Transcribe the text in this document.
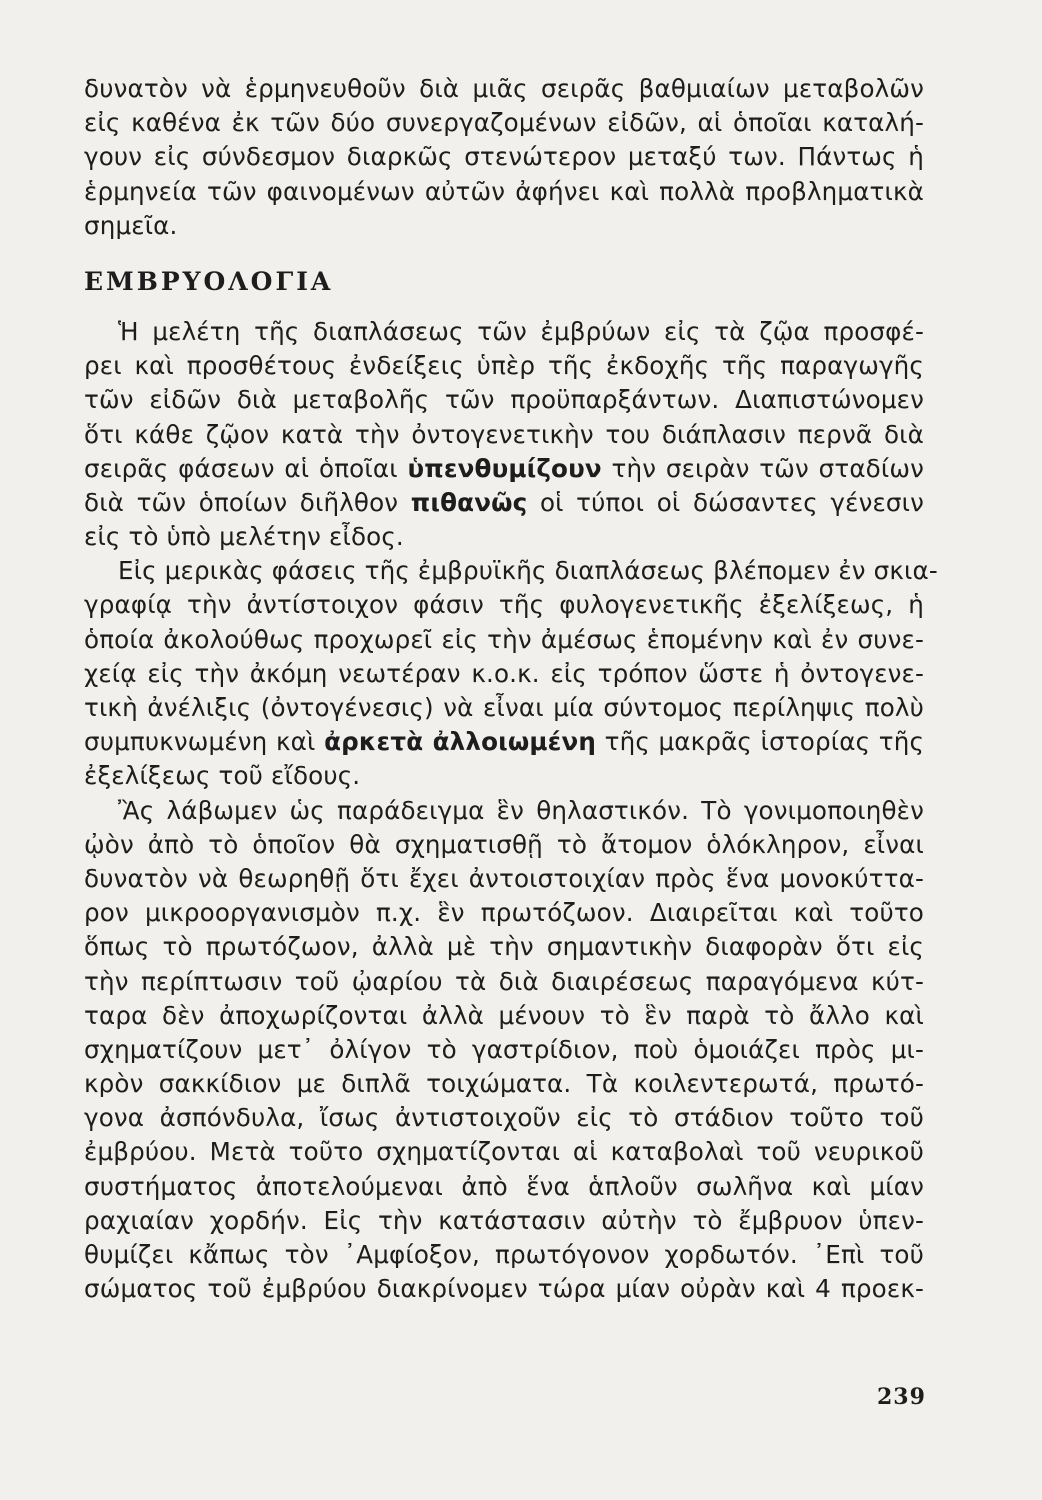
δυνατὸν νὰ ἑρμηνευθοῦν διὰ μιᾶς σειρᾶς βαθμιαίων μεταβολῶν
εἰς καθένα ἐκ τῶν δύο συνεργαζομένων εἰδῶν, αἱ ὁποῖαι καταλή-
γουν εἰς σύνδεσμον διαρκῶς στενώτερον μεταξύ των. Πάντως ἡ
ἑρμηνεία τῶν φαινομένων αὐτῶν ἀφήνει καὶ πολλὰ προβληματικὰ
σημεῖα.
ΕΜΒΡΥΟΛΟΓΙΑ
Ἡ μελέτη τῆς διαπλάσεως τῶν ἐμβρύων εἰς τὰ ζῷα προσφέ-
ρει καὶ προσθέτους ἐνδείξεις ὑπὲρ τῆς ἐκδοχῆς τῆς παραγωγῆς
τῶν εἰδῶν διὰ μεταβολῆς τῶν προϋπαρξάντων. Διαπιστώνομεν
ὅτι κάθε ζῷον κατὰ τὴν ὀντογενετικὴν του διάπλασιν περνᾶ διὰ
σειρᾶς φάσεων αἱ ὁποῖαι ὑπενθυμίζουν τὴν σειρὰν τῶν σταδίων
διὰ τῶν ὁποίων διῆλθον πιθανῶς οἱ τύποι οἱ δώσαντες γένεσιν
εἰς τὸ ὑπὸ μελέτην εἶδος.
Εἰς μερικὰς φάσεις τῆς ἐμβρυϊκῆς διαπλάσεως βλέπομεν ἐν σκια-
γραφίᾳ τὴν ἀντίστοιχον φάσιν τῆς φυλογενετικῆς ἐξελίξεως, ἡ
ὁποία ἀκολούθως προχωρεῖ εἰς τὴν ἀμέσως ἑπομένην καὶ ἐν συνε-
χείᾳ εἰς τὴν ἀκόμη νεωτέραν κ.ο.κ. εἰς τρόπον ὥστε ἡ ὀντογενε-
τικὴ ἀνέλιξις (ὀντογένεσις) νὰ εἶναι μία σύντομος περίληψις πολὺ
συμπυκνωμένη καὶ ἀρκετὰ ἀλλοιωμένη τῆς μακρᾶς ἱστορίας τῆς
ἐξελίξεως τοῦ εἴδους.
Ἂς λάβωμεν ὡς παράδειγμα ἓν θηλαστικόν. Τὸ γονιμοποιηθὲν
ᾠὸν ἀπὸ τὸ ὁποῖον θὰ σχηματισθῇ τὸ ἄτομον ὁλόκληρον, εἶναι
δυνατὸν νὰ θεωρηθῇ ὅτι ἔχει ἀντοιστοιχίαν πρὸς ἕνα μονοκύττα-
ρον μικροοργανισμὸν π.χ. ἓν πρωτόζωον. Διαιρεῖται καὶ τοῦτο
ὅπως τὸ πρωτόζωον, ἀλλὰ μὲ τὴν σημαντικὴν διαφορὰν ὅτι εἰς
τὴν περίπτωσιν τοῦ ᾠαρίου τὰ διὰ διαιρέσεως παραγόμενα κύτ-
ταρα δὲν ἀποχωρίζονται ἀλλὰ μένουν τὸ ἓν παρὰ τὸ ἄλλο καὶ
σχηματίζουν μετ᾽ ὀλίγον τὸ γαστρίδιον, ποὺ ὁμοιάζει πρὸς μι-
κρὸν σακκίδιον με διπλᾶ τοιχώματα. Τὰ κοιλεντερωτά, πρωτό-
γονα ἀσπόνδυλα, ἴσως ἀντιστοιχοῦν εἰς τὸ στάδιον τοῦτο τοῦ
ἐμβρύου. Μετὰ τοῦτο σχηματίζονται αἱ καταβολαὶ τοῦ νευρικοῦ
συστήματος ἀποτελούμεναι ἀπὸ ἕνα ἁπλοῦν σωλῆνα καὶ μίαν
ραχιαίαν χορδήν. Εἰς τὴν κατάστασιν αὐτὴν τὸ ἔμβρυον ὑπεν-
θυμίζει κἄπως τὸν ᾿Αμφίοξον, πρωτόγονον χορδωτόν. ᾿Επὶ τοῦ
σώματος τοῦ ἐμβρύου διακρίνομεν τώρα μίαν οὐρὰν καὶ 4 προεκ-
239
